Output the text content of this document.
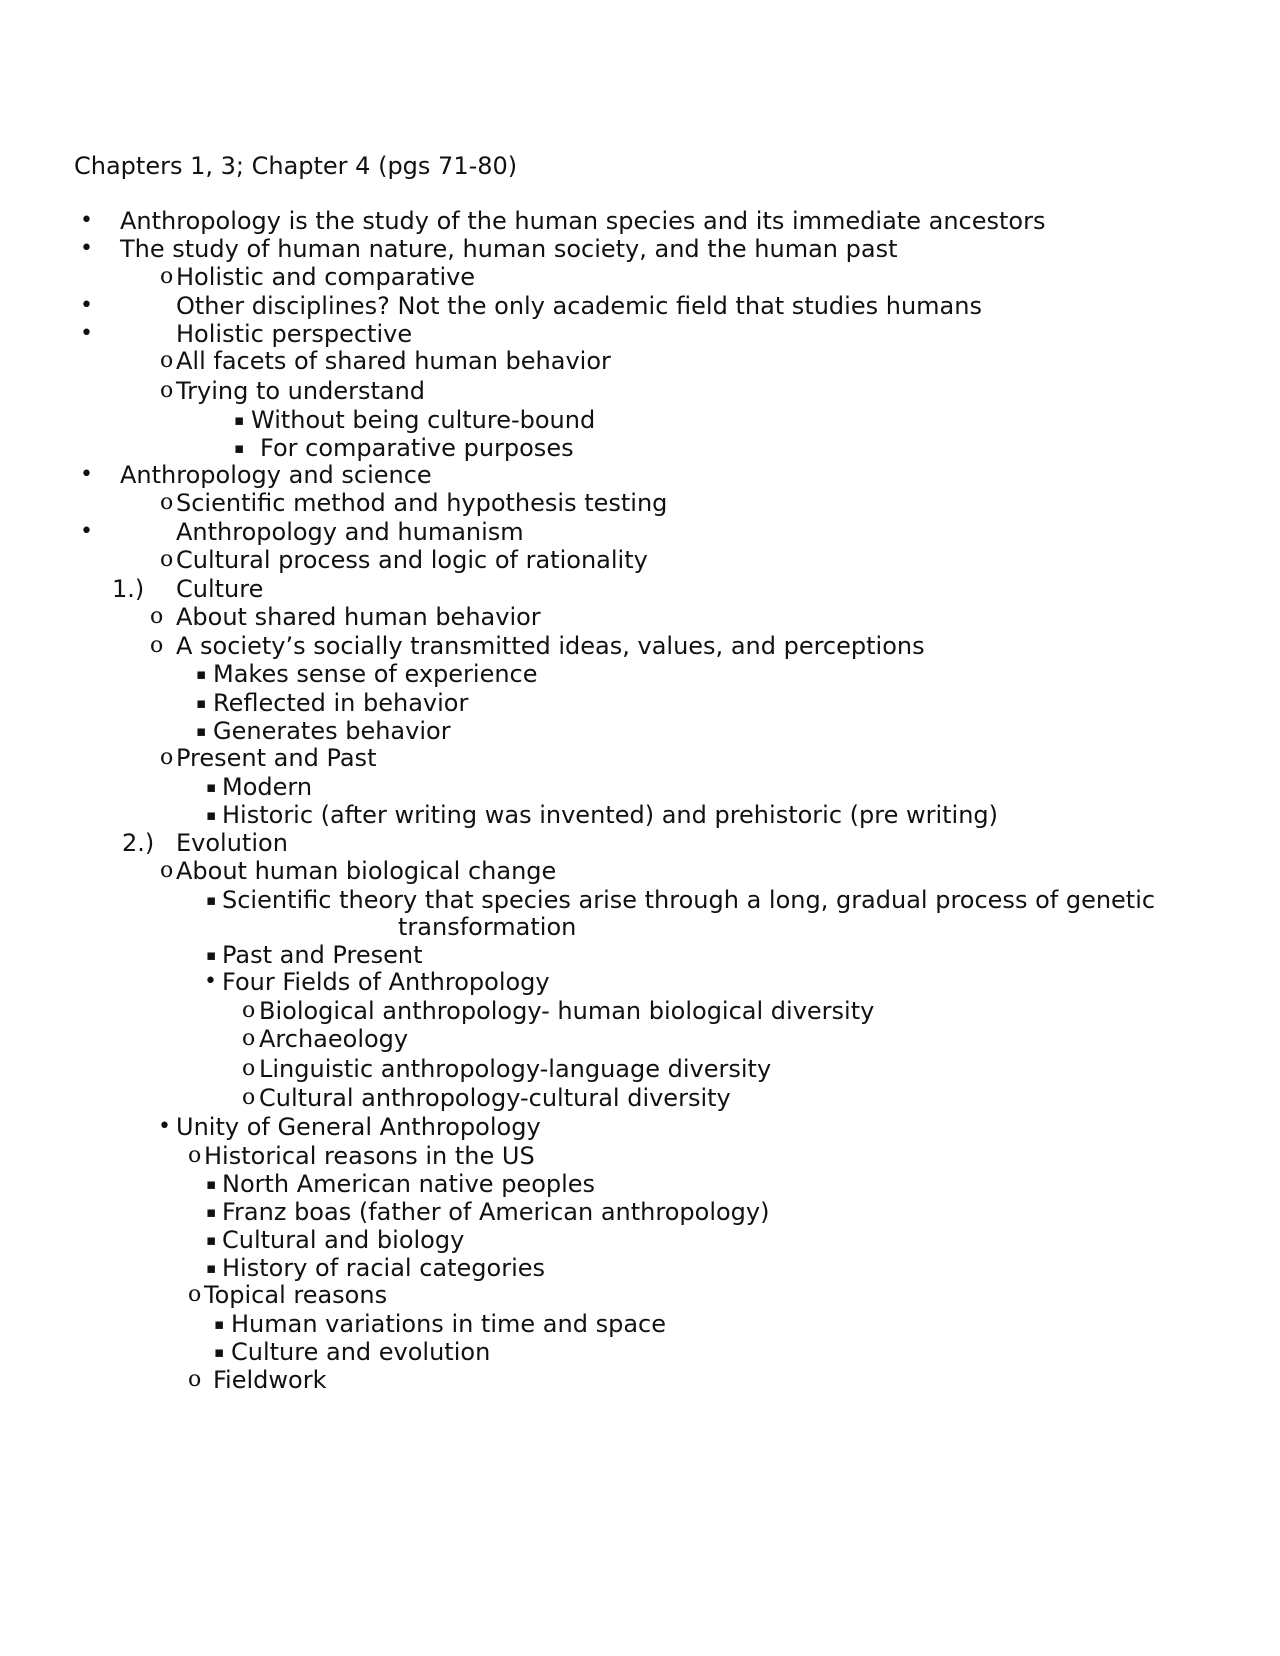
Chapters 1, 3; Chapter 4 (pgs 71-80)
• Anthropology is the study of the human species and its immediate ancestors
• The study of human nature, human society, and the human past
o Holistic and comparative
•	Other disciplines? Not the only academic field that studies humans
•	Holistic perspective
o All facets of shared human behavior
o Trying to understand
▪ Without being culture-bound
▪ For comparative purposes
• Anthropology and science
o Scientific method and hypothesis testing
•	Anthropology and humanism
o Cultural process and logic of rationality
1.) Culture
o About shared human behavior
o A society’s socially transmitted ideas, values, and perceptions
▪ Makes sense of experience
▪ Reflected in behavior
▪ Generates behavior
o Present and Past
▪ Modern
▪ Historic (after writing was invented) and prehistoric (pre writing)
2.) Evolution
o About human biological change
▪ Scientific theory that species arise through a long, gradual process of genetic
transformation
▪ Past and Present
• Four Fields of Anthropology
o Biological anthropology- human biological diversity
o Archaeology
o Linguistic anthropology-language diversity
o Cultural anthropology-cultural diversity
• Unity of General Anthropology
o Historical reasons in the US
▪ North American native peoples
▪ Franz boas (father of American anthropology)
▪ Cultural and biology
▪ History of racial categories
o Topical reasons
▪ Human variations in time and space
▪ Culture and evolution
o Fieldwork
